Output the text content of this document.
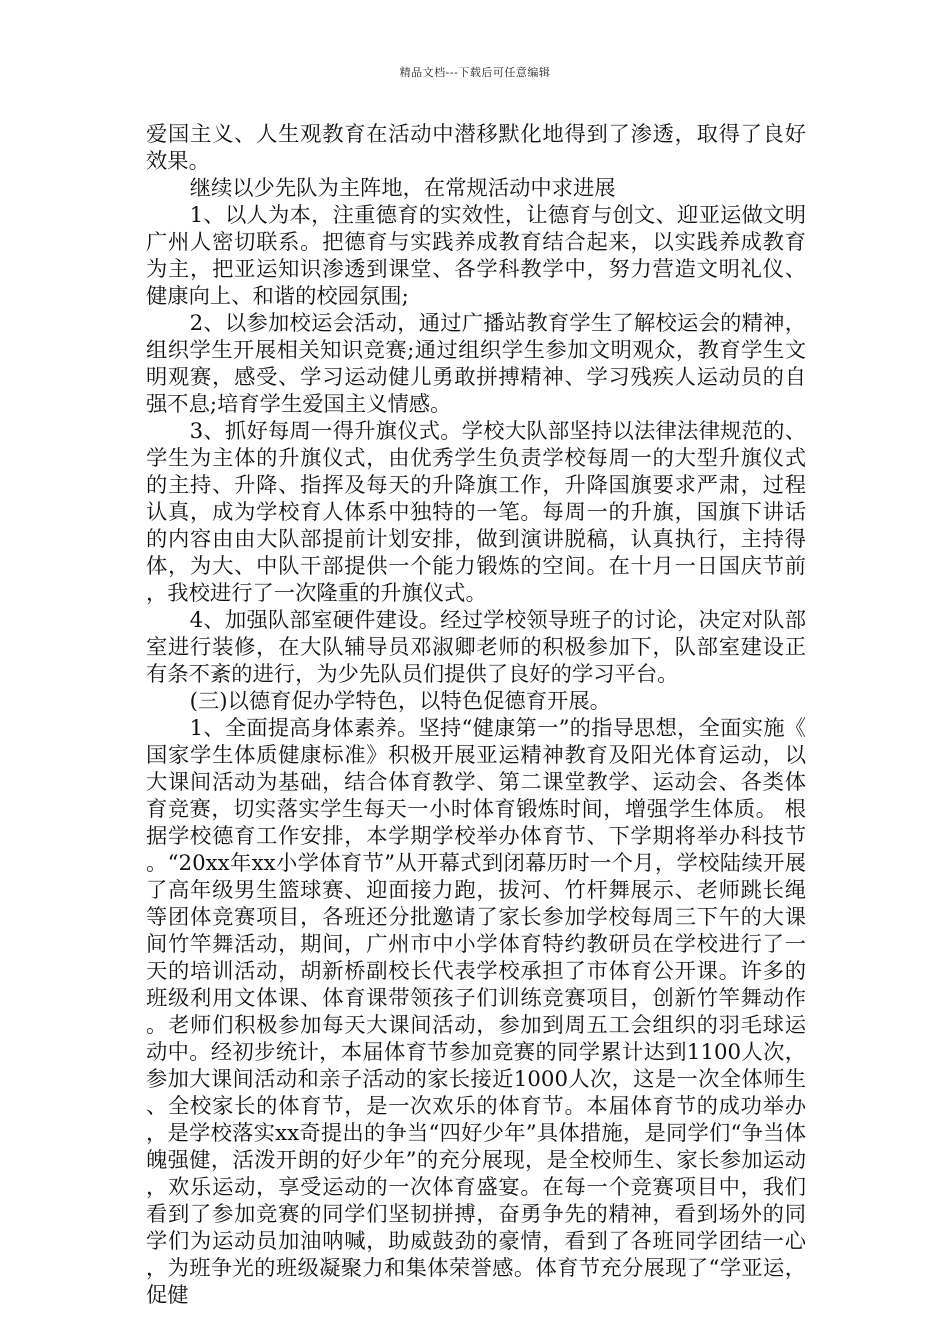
精品文档---下载后可任意编辑

爱国主义、人生观教育在活动中潜移默化地得到了渗透，取得了良好效果。

继续以少先队为主阵地，在常规活动中求进展

1、以人为本，注重德育的实效性，让德育与创文、迎亚运做文明广州人密切联系。把德育与实践养成教育结合起来，以实践养成教育为主，把亚运知识渗透到课堂、各学科教学中，努力营造文明礼仪、健康向上、和谐的校园氛围;

2、以参加校运会活动，通过广播站教育学生了解校运会的精神，组织学生开展相关知识竞赛;通过组织学生参加文明观众，教育学生文明观赛，感受、学习运动健儿勇敢拼搏精神、学习残疾人运动员的自强不息;培育学生爱国主义情感。

3、抓好每周一得升旗仪式。学校大队部坚持以法律法律规范的、学生为主体的升旗仪式，由优秀学生负责学校每周一的大型升旗仪式的主持、升降、指挥及每天的升降旗工作，升降国旗要求严肃，过程认真，成为学校育人体系中独特的一笔。每周一的升旗，国旗下讲话的内容由由大队部提前计划安排，做到演讲脱稿，认真执行，主持得体，为大、中队干部提供一个能力锻炼的空间。在十月一日国庆节前，我校进行了一次隆重的升旗仪式。

4、加强队部室硬件建设。经过学校领导班子的讨论，决定对队部室进行装修，在大队辅导员邓淑卿老师的积极参加下，队部室建设正有条不紊的进行，为少先队员们提供了良好的学习平台。

(三)以德育促办学特色，以特色促德育开展。

1、全面提高身体素养。坚持“健康第一”的指导思想，全面实施《国家学生体质健康标准》积极开展亚运精神教育及阳光体育运动，以大课间活动为基础，结合体育教学、第二课堂教学、运动会、各类体育竞赛，切实落实学生每天一小时体育锻炼时间，增强学生体质。 根据学校德育工作安排，本学期学校举办体育节、下学期将举办科技节。“20xx年xx小学体育节”从开幕式到闭幕历时一个月，学校陆续开展了高年级男生篮球赛、迎面接力跑，拔河、竹杆舞展示、老师跳长绳等团体竞赛项目，各班还分批邀请了家长参加学校每周三下午的大课间竹竿舞活动，期间，广州市中小学体育特约教研员在学校进行了一天的培训活动，胡新桥副校长代表学校承担了市体育公开课。许多的班级利用文体课、体育课带领孩子们训练竞赛项目，创新竹竿舞动作。老师们积极参加每天大课间活动，参加到周五工会组织的羽毛球运动中。经初步统计，本届体育节参加竞赛的同学累计达到1100人次，参加大课间活动和亲子活动的家长接近1000人次，这是一次全体师生、全校家长的体育节，是一次欢乐的体育节。本届体育节的成功举办，是学校落实xx奇提出的争当“四好少年”具体措施，是同学们“争当体魄强健，活泼开朗的好少年”的充分展现，是全校师生、家长参加运动，欢乐运动，享受运动的一次体育盛宴。在每一个竞赛项目中，我们看到了参加竞赛的同学们坚韧拼搏，奋勇争先的精神，看到场外的同学们为运动员加油呐喊，助威鼓劲的豪情，看到了各班同学团结一心，为班争光的班级凝聚力和集体荣誉感。体育节充分展现了“学亚运，促健
